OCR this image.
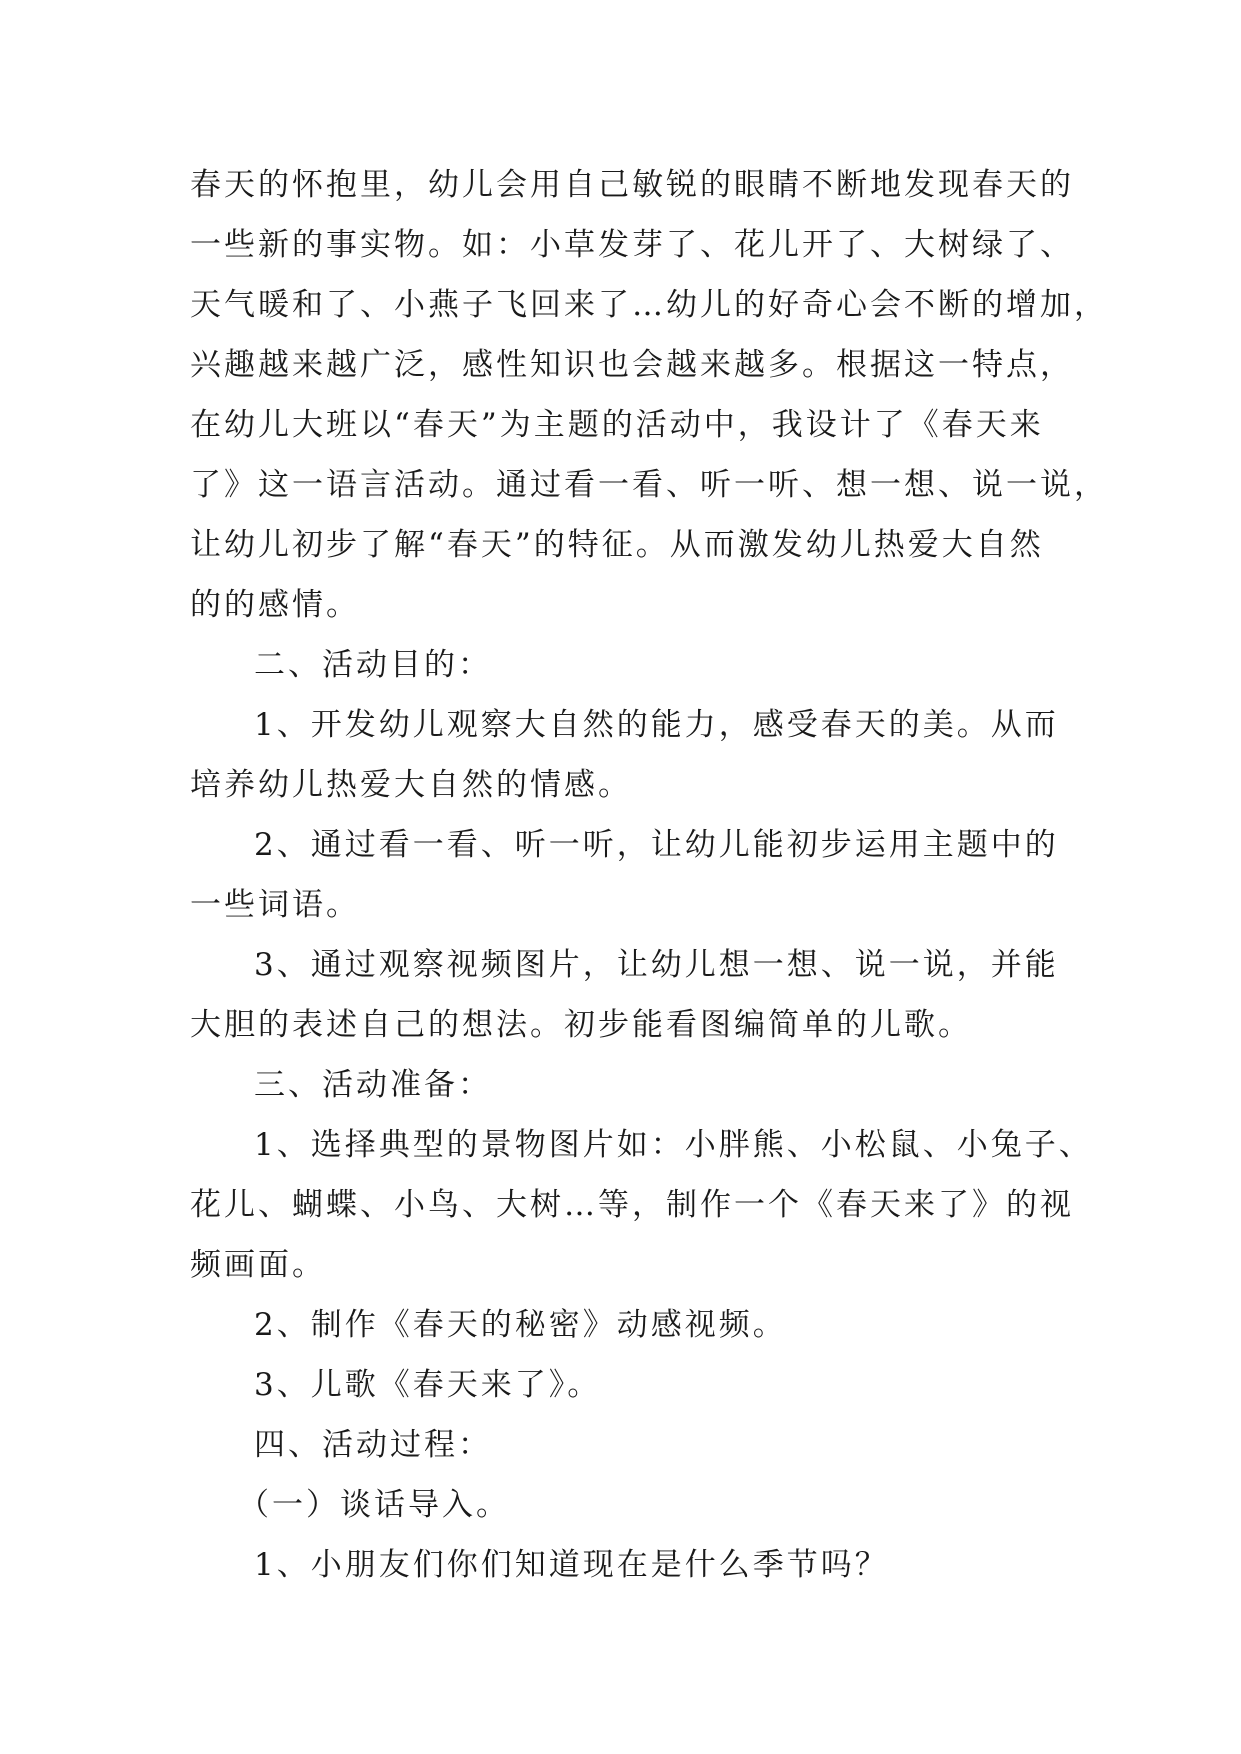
春天的怀抱里，幼儿会用自己敏锐的眼睛不断地发现春天的
一些新的事实物。如：小草发芽了、花儿开了、大树绿了、
天气暖和了、小燕子飞回来了…幼儿的好奇心会不断的增加，
兴趣越来越广泛，感性知识也会越来越多。根据这一特点，
在幼儿大班以“春天”为主题的活动中，我设计了《春天来
了》这一语言活动。通过看一看、听一听、想一想、说一说，
让幼儿初步了解“春天”的特征。从而激发幼儿热爱大自然
的的感情。
二、活动目的：
1、开发幼儿观察大自然的能力，感受春天的美。从而
培养幼儿热爱大自然的情感。
2、通过看一看、听一听，让幼儿能初步运用主题中的
一些词语。
3、通过观察视频图片，让幼儿想一想、说一说，并能
大胆的表述自己的想法。初步能看图编简单的儿歌。
三、活动准备：
1、选择典型的景物图片如：小胖熊、小松鼠、小兔子、
花儿、蝴蝶、小鸟、大树…等，制作一个《春天来了》的视
频画面。
2、制作《春天的秘密》动感视频。
3、儿歌《春天来了》。
四、活动过程：
（一）谈话导入。
1、小朋友们你们知道现在是什么季节吗？
